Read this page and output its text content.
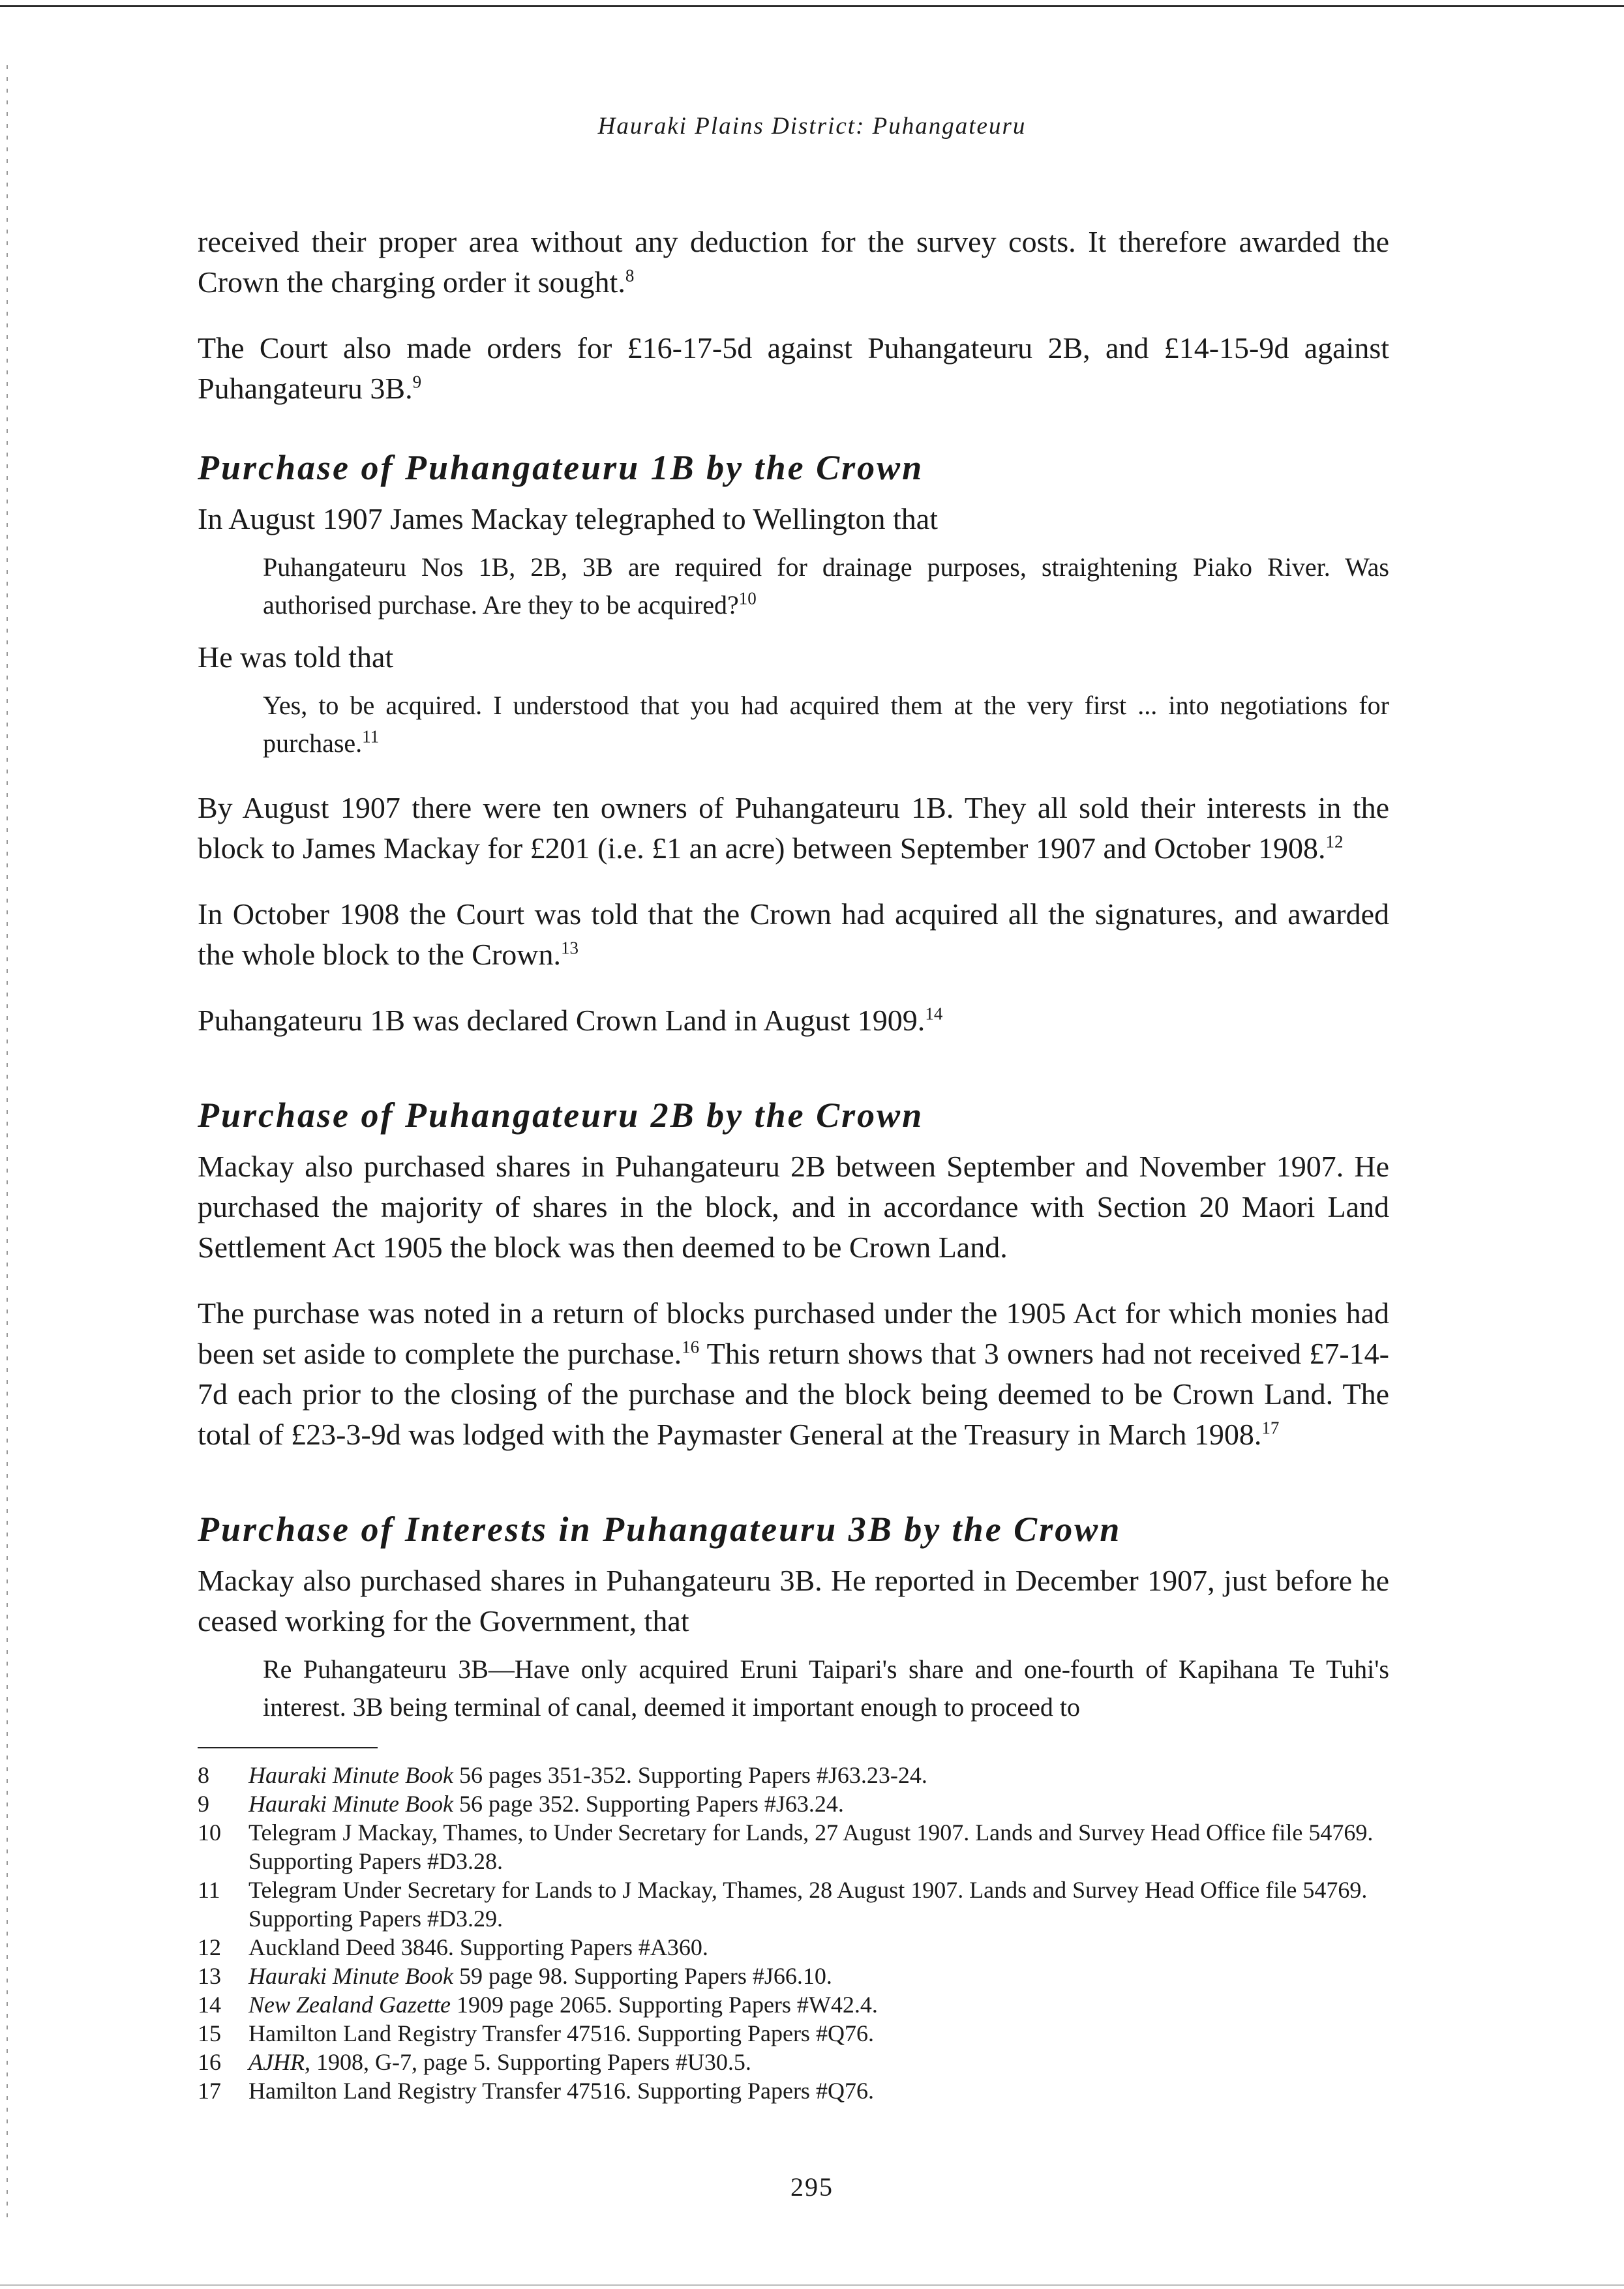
Hauraki Plains District: Puhangateuru

received their proper area without any deduction for the survey costs. It therefore awarded the Crown the charging order it sought.$^8$

The Court also made orders for £16-17-5d against Puhangateuru 2B, and £14-15-9d against Puhangateuru 3B.$^9$

Purchase of Puhangateuru 1B by the Crown

In August 1907 James Mackay telegraphed to Wellington that

Puhangateuru Nos 1B, 2B, 3B are required for drainage purposes, straightening Piako River. Was authorised purchase. Are they to be acquired?$^{10}$

He was told that

Yes, to be acquired. I understood that you had acquired them at the very first ... into negotiations for purchase.$^{11}$

By August 1907 there were ten owners of Puhangateuru 1B. They all sold their interests in the block to James Mackay for £201 (i.e. £1 an acre) between September 1907 and October 1908.12

In October 1908 the Court was told that the Crown had acquired all the signatures, and awarded the whole block to the Crown.$^{13}$

Puhangateuru 1B was declared Crown Land in August 1909.14

Purchase of Puhangateuru 2B by the Crown

Mackay also purchased shares in Puhangateuru 2B between September and November 1907. He purchased the majority of shares in the block, and in accordance with Section 20 Maori Land Settlement Act 1905 the block was then deemed to be Crown Land.

The purchase was noted in a return of blocks purchased under the 1905 Act for which monies had been set aside to complete the purchase.$^{16}$ This return shows that 3 owners had not received £7-14-7d each prior to the closing of the purchase and the block being deemed to be Crown Land. The total of £23-3-9d was lodged with the Paymaster General at the Treasury in March 1908.17

Purchase of Interests in Puhangateuru 3B by the Crown

Mackay also purchased shares in Puhangateuru 3B. He reported in December 1907, just before he ceased working for the Government, that

Re Puhangateuru 3B—Have only acquired Eruni Taipari's share and one-fourth of Kapihana Te Tuhi's interest. 3B being terminal of canal, deemed it important enough to proceed to
8	Hauraki Minute Book 56 pages 351-352. Supporting Papers #J63.23-24.
9	Hauraki Minute Book 56 page 352. Supporting Papers #J63.24.
10	Telegram J Mackay, Thames, to Under Secretary for Lands, 27 August 1907. Lands and Survey Head Office file 54769. Supporting Papers #D3.28.
11	Telegram Under Secretary for Lands to J Mackay, Thames, 28 August 1907. Lands and Survey Head Office file 54769. Supporting Papers #D3.29.
12	Auckland Deed 3846. Supporting Papers #A360.
13	Hauraki Minute Book 59 page 98. Supporting Papers #J66.10.
14	New Zealand Gazette 1909 page 2065. Supporting Papers #W42.4.
15	Hamilton Land Registry Transfer 47516. Supporting Papers #Q76.
16	AJHR, 1908, G-7, page 5. Supporting Papers #U30.5.
17	Hamilton Land Registry Transfer 47516. Supporting Papers #Q76.
295
